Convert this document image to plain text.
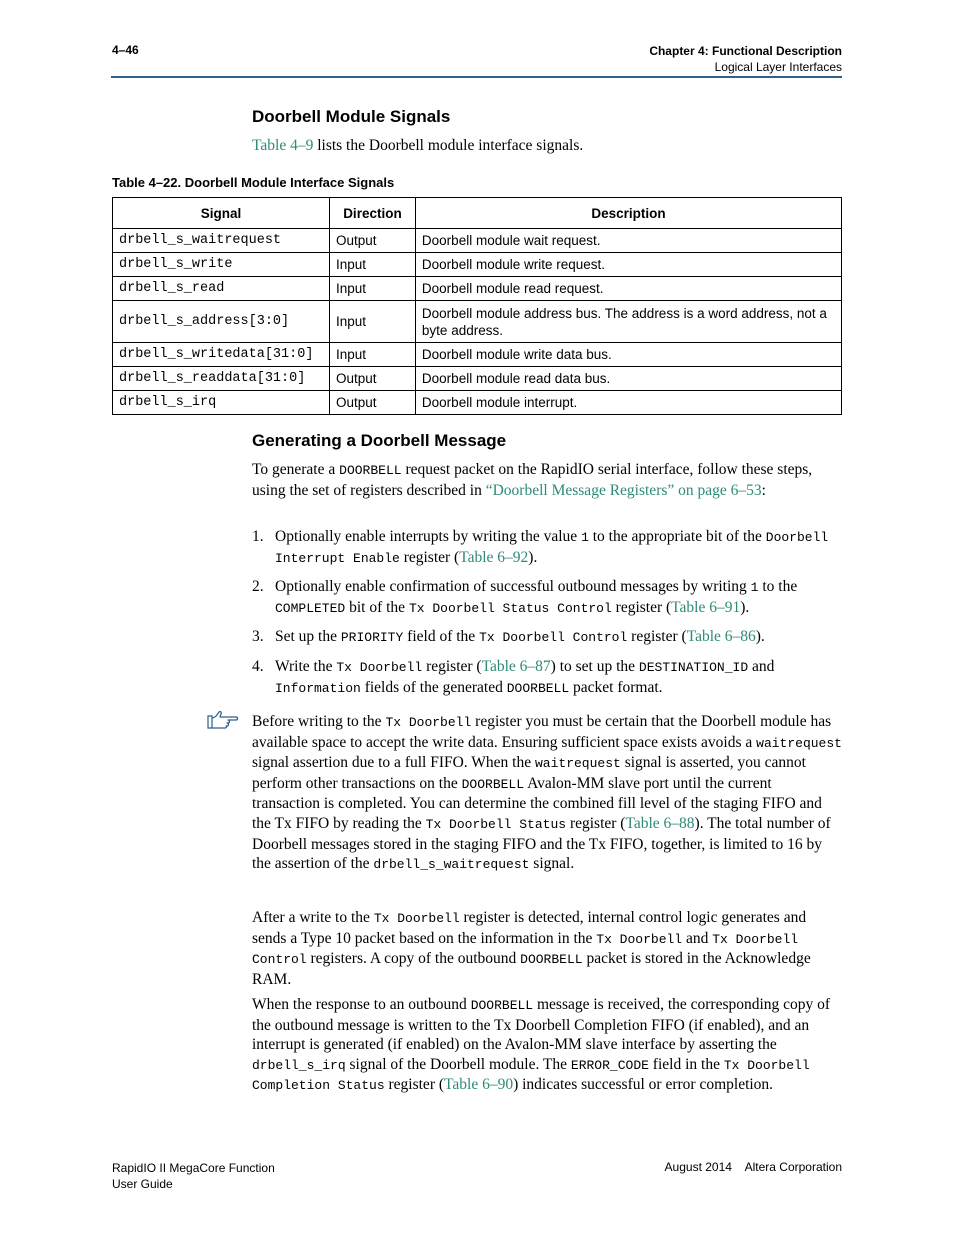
4–46	Chapter 4: Functional Description
Logical Layer Interfaces
Doorbell Module Signals
Table 4–9 lists the Doorbell module interface signals.
Table 4–22. Doorbell Module Interface Signals
Signal	Direction	Description
drbell_s_waitrequest	Output	Doorbell module wait request.
drbell_s_write	Input	Doorbell module write request.
drbell_s_read	Input	Doorbell module read request.
drbell_s_address[3:0]	Input	Doorbell module address bus. The address is a word address, not a byte address.
drbell_s_writedata[31:0]	Input	Doorbell module write data bus.
drbell_s_readdata[31:0]	Output	Doorbell module read data bus.
drbell_s_irq	Output	Doorbell module interrupt.
Generating a Doorbell Message
To generate a DOORBELL request packet on the RapidIO serial interface, follow these steps, using the set of registers described in “Doorbell Message Registers” on page 6–53:
1. Optionally enable interrupts by writing the value 1 to the appropriate bit of the Doorbell Interrupt Enable register (Table 6–92).
2. Optionally enable confirmation of successful outbound messages by writing 1 to the COMPLETED bit of the Tx Doorbell Status Control register (Table 6–91).
3. Set up the PRIORITY field of the Tx Doorbell Control register (Table 6–86).
4. Write the Tx Doorbell register (Table 6–87) to set up the DESTINATION_ID and Information fields of the generated DOORBELL packet format.
Before writing to the Tx Doorbell register you must be certain that the Doorbell module has available space to accept the write data. Ensuring sufficient space exists avoids a waitrequest signal assertion due to a full FIFO. When the waitrequest signal is asserted, you cannot perform other transactions on the DOORBELL Avalon-MM slave port until the current transaction is completed. You can determine the combined fill level of the staging FIFO and the Tx FIFO by reading the Tx Doorbell Status register (Table 6–88). The total number of Doorbell messages stored in the staging FIFO and the Tx FIFO, together, is limited to 16 by the assertion of the drbell_s_waitrequest signal.
After a write to the Tx Doorbell register is detected, internal control logic generates and sends a Type 10 packet based on the information in the Tx Doorbell and Tx Doorbell Control registers. A copy of the outbound DOORBELL packet is stored in the Acknowledge RAM.
When the response to an outbound DOORBELL message is received, the corresponding copy of the outbound message is written to the Tx Doorbell Completion FIFO (if enabled), and an interrupt is generated (if enabled) on the Avalon-MM slave interface by asserting the drbell_s_irq signal of the Doorbell module. The ERROR_CODE field in the Tx Doorbell Completion Status register (Table 6–90) indicates successful or error completion.
RapidIO II MegaCore Function
User Guide
August 2014    Altera Corporation
